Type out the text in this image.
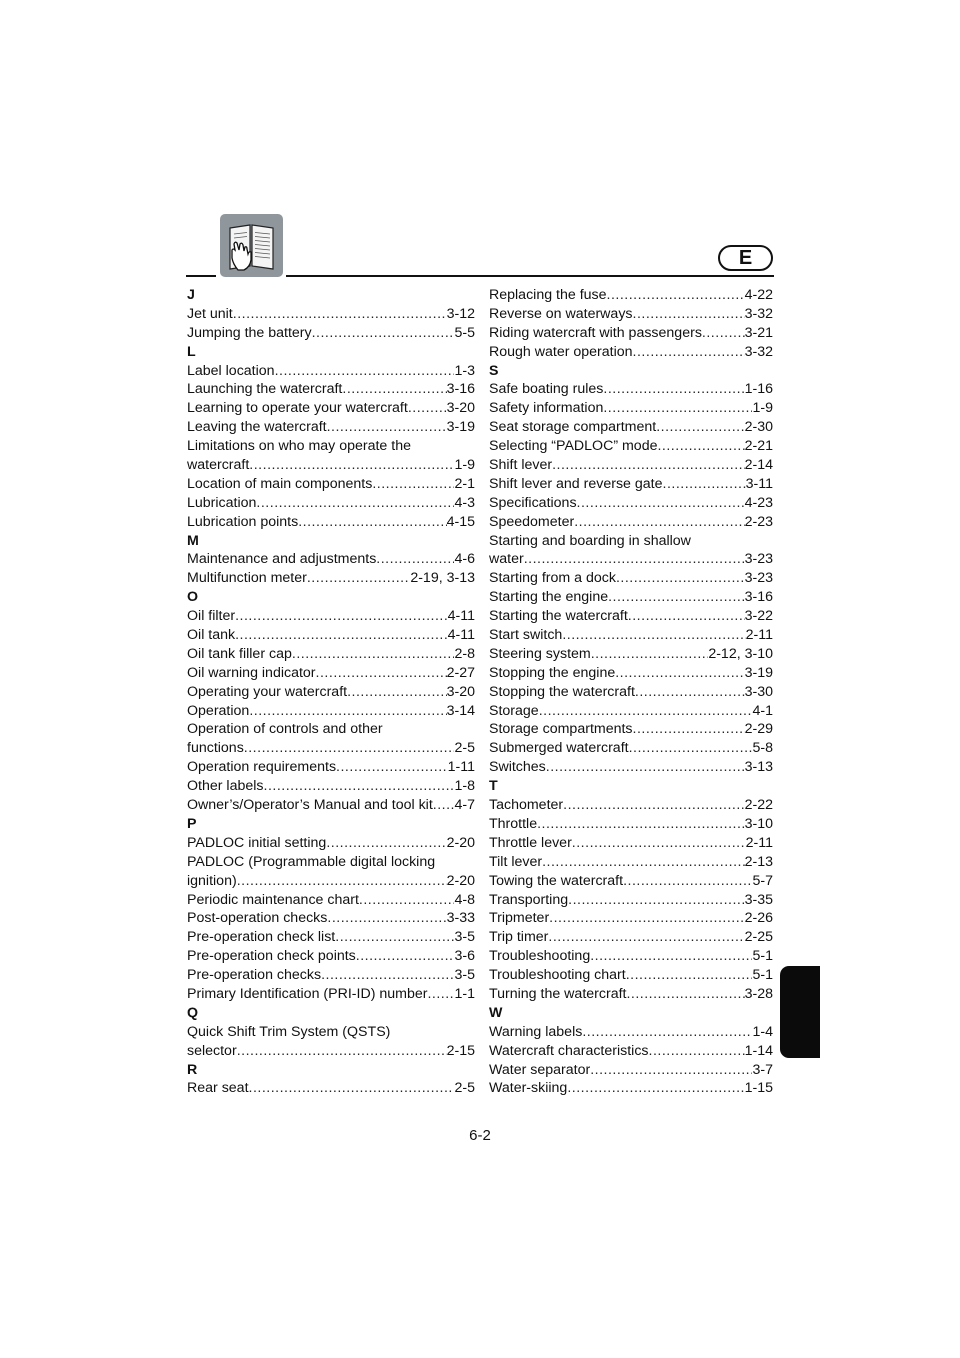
E
J
Jet unit .....	3-12
Jumping the battery .....	5-5
L
Label location .....	1-3
Launching the watercraft .....	3-16
Learning to operate your watercraft .....	3-20
Leaving the watercraft .....	3-19
Limitations on who may operate the
watercraft .....	1-9
Location of main components .....	2-1
Lubrication .....	4-3
Lubrication points .....	4-15
M
Maintenance and adjustments .....	4-6
Multifunction meter .....	2-19, 3-13
O
Oil filter .....	4-11
Oil tank .....	4-11
Oil tank filler cap .....	2-8
Oil warning indicator .....	2-27
Operating your watercraft .....	3-20
Operation .....	3-14
Operation of controls and other
functions .....	2-5
Operation requirements .....	1-11
Other labels .....	1-8
Owner’s/Operator’s Manual and tool kit ..... 4-7
P
PADLOC initial setting .....	2-20
PADLOC (Programmable digital locking
ignition) .....	2-20
Periodic maintenance chart .....	4-8
Post-operation checks .....	3-33
Pre-operation check list .....	3-5
Pre-operation check points .....	3-6
Pre-operation checks .....	3-5
Primary Identification (PRI-ID) number ..... 1-1
Q
Quick Shift Trim System (QSTS)
selector .....	2-15
R
Rear seat .....	2-5
Replacing the fuse .....	4-22
Reverse on waterways .....	3-32
Riding watercraft with passengers .....	3-21
Rough water operation .....	3-32
S
Safe boating rules .....	1-16
Safety information .....	1-9
Seat storage compartment .....	2-30
Selecting “PADLOC” mode .....	2-21
Shift lever .....	2-14
Shift lever and reverse gate .....	3-11
Specifications .....	4-23
Speedometer .....	2-23
Starting and boarding in shallow
water .....	3-23
Starting from a dock .....	3-23
Starting the engine .....	3-16
Starting the watercraft .....	3-22
Start switch .....	2-11
Steering system .....	2-12, 3-10
Stopping the engine .....	3-19
Stopping the watercraft .....	3-30
Storage .....	4-1
Storage compartments .....	2-29
Submerged watercraft .....	5-8
Switches .....	3-13
T
Tachometer .....	2-22
Throttle .....	3-10
Throttle lever .....	2-11
Tilt lever .....	2-13
Towing the watercraft .....	5-7
Transporting .....	3-35
Tripmeter .....	2-26
Trip timer .....	2-25
Troubleshooting .....	5-1
Troubleshooting chart .....	5-1
Turning the watercraft .....	3-28
W
Warning labels .....	1-4
Watercraft characteristics .....	1-14
Water separator .....	3-7
Water-skiing .....	1-15
6-2
